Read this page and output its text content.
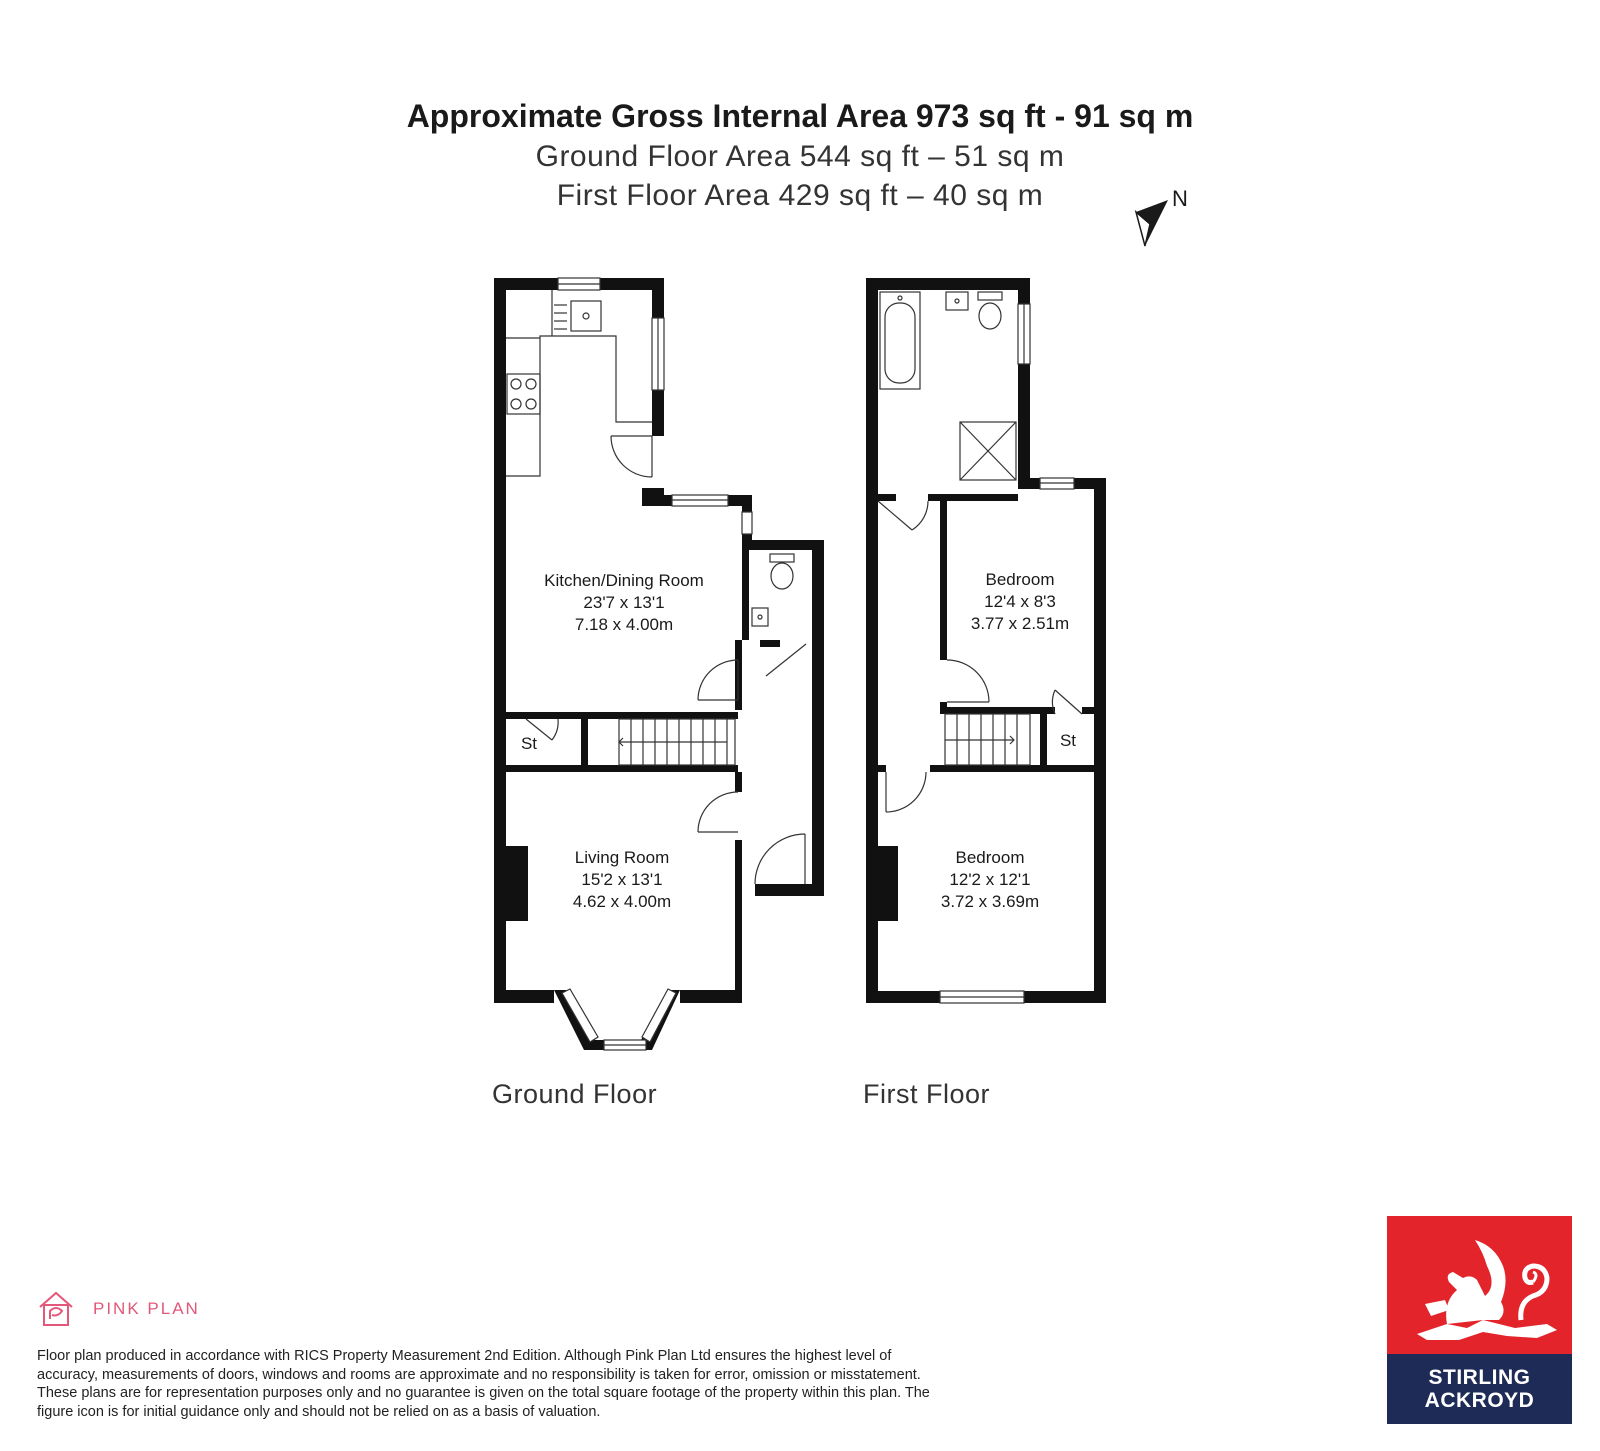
Approximate Gross Internal Area 973 sq ft - 91 sq m
Ground Floor Area 544 sq ft – 51 sq m
First Floor Area 429 sq ft – 40 sq m	N
Kitchen/Dining Room
23'7 x 13'1
7.18 x 4.00m
St
Living Room
15'2 x 13'1
4.62 x 4.00m
Bedroom
12'4 x 8'3
3.77 x 2.51m
St
Bedroom
12'2 x 12'1
3.72 x 3.69m
Ground Floor	First Floor
PINK PLAN
Floor plan produced in accordance with RICS Property Measurement 2nd Edition. Although Pink Plan Ltd ensures the highest level of accuracy, measurements of doors, windows and rooms are approximate and no responsibility is taken for error, omission or misstatement. These plans are for representation purposes only and no guarantee is given on the total square footage of the property within this plan. The figure icon is for initial guidance only and should not be relied on as a basis of valuation.
STIRLING
ACKROYD
